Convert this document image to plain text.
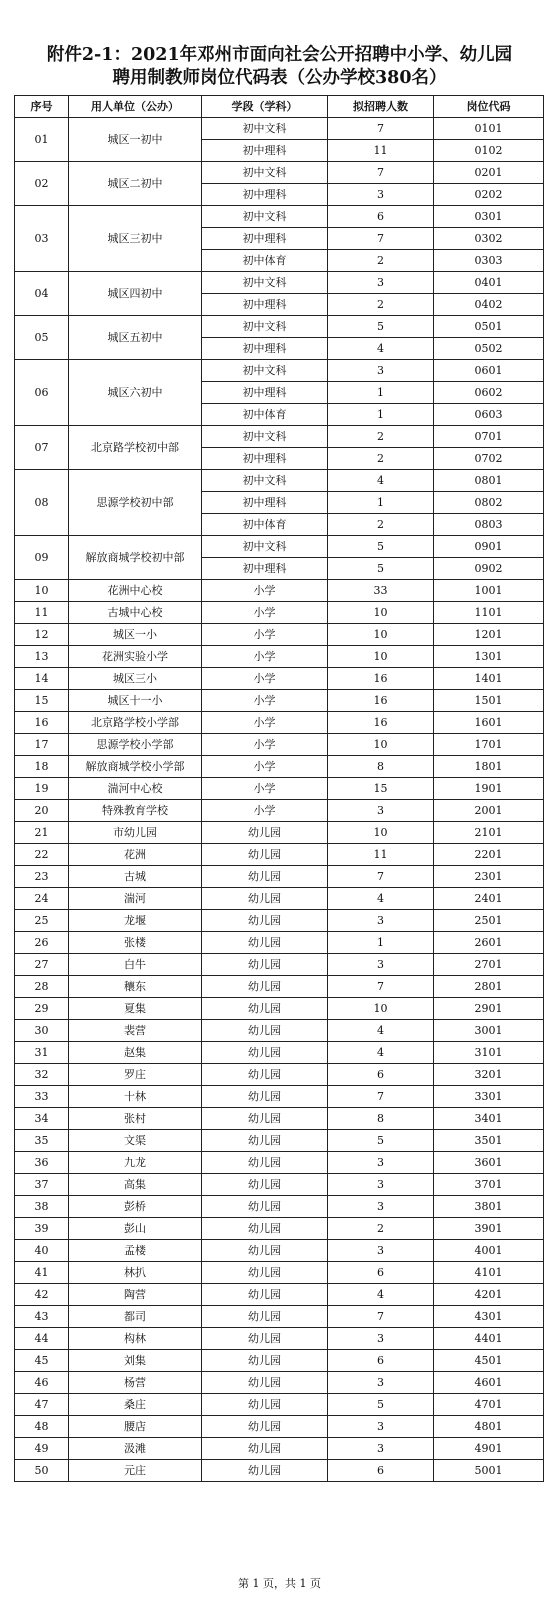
附件2-1：2021年邓州市面向社会公开招聘中小学、幼儿园
聘用制教师岗位代码表（公办学校380名）
序号	用人单位（公办）	学段（学科）	拟招聘人数	岗位代码
01	城区一初中	初中文科	7	0101
		初中理科	11	0102
02	城区二初中	初中文科	7	0201
		初中理科	3	0202
03	城区三初中	初中文科	6	0301
		初中理科	7	0302
		初中体育	2	0303
04	城区四初中	初中文科	3	0401
		初中理科	2	0402
05	城区五初中	初中文科	5	0501
		初中理科	4	0502
06	城区六初中	初中文科	3	0601
		初中理科	1	0602
		初中体育	1	0603
07	北京路学校初中部	初中文科	2	0701
		初中理科	2	0702
08	思源学校初中部	初中文科	4	0801
		初中理科	1	0802
		初中体育	2	0803
09	解放商城学校初中部	初中文科	5	0901
		初中理科	5	0902
10	花洲中心校	小学	33	1001
11	古城中心校	小学	10	1101
12	城区一小	小学	10	1201
13	花洲实验小学	小学	10	1301
14	城区三小	小学	16	1401
15	城区十一小	小学	16	1501
16	北京路学校小学部	小学	16	1601
17	思源学校小学部	小学	10	1701
18	解放商城学校小学部	小学	8	1801
19	湍河中心校	小学	15	1901
20	特殊教育学校	小学	3	2001
21	市幼儿园	幼儿园	10	2101
22	花洲	幼儿园	11	2201
23	古城	幼儿园	7	2301
24	湍河	幼儿园	4	2401
25	龙堰	幼儿园	3	2501
26	张楼	幼儿园	1	2601
27	白牛	幼儿园	3	2701
28	穰东	幼儿园	7	2801
29	夏集	幼儿园	10	2901
30	裴营	幼儿园	4	3001
31	赵集	幼儿园	4	3101
32	罗庄	幼儿园	6	3201
33	十林	幼儿园	7	3301
34	张村	幼儿园	8	3401
35	文渠	幼儿园	5	3501
36	九龙	幼儿园	3	3601
37	高集	幼儿园	3	3701
38	彭桥	幼儿园	3	3801
39	彭山	幼儿园	2	3901
40	孟楼	幼儿园	3	4001
41	林扒	幼儿园	6	4101
42	陶营	幼儿园	4	4201
43	都司	幼儿园	7	4301
44	构林	幼儿园	3	4401
45	刘集	幼儿园	6	4501
46	杨营	幼儿园	3	4601
47	桑庄	幼儿园	5	4701
48	腰店	幼儿园	3	4801
49	汲滩	幼儿园	3	4901
50	元庄	幼儿园	6	5001
第 1 页，共 1 页
